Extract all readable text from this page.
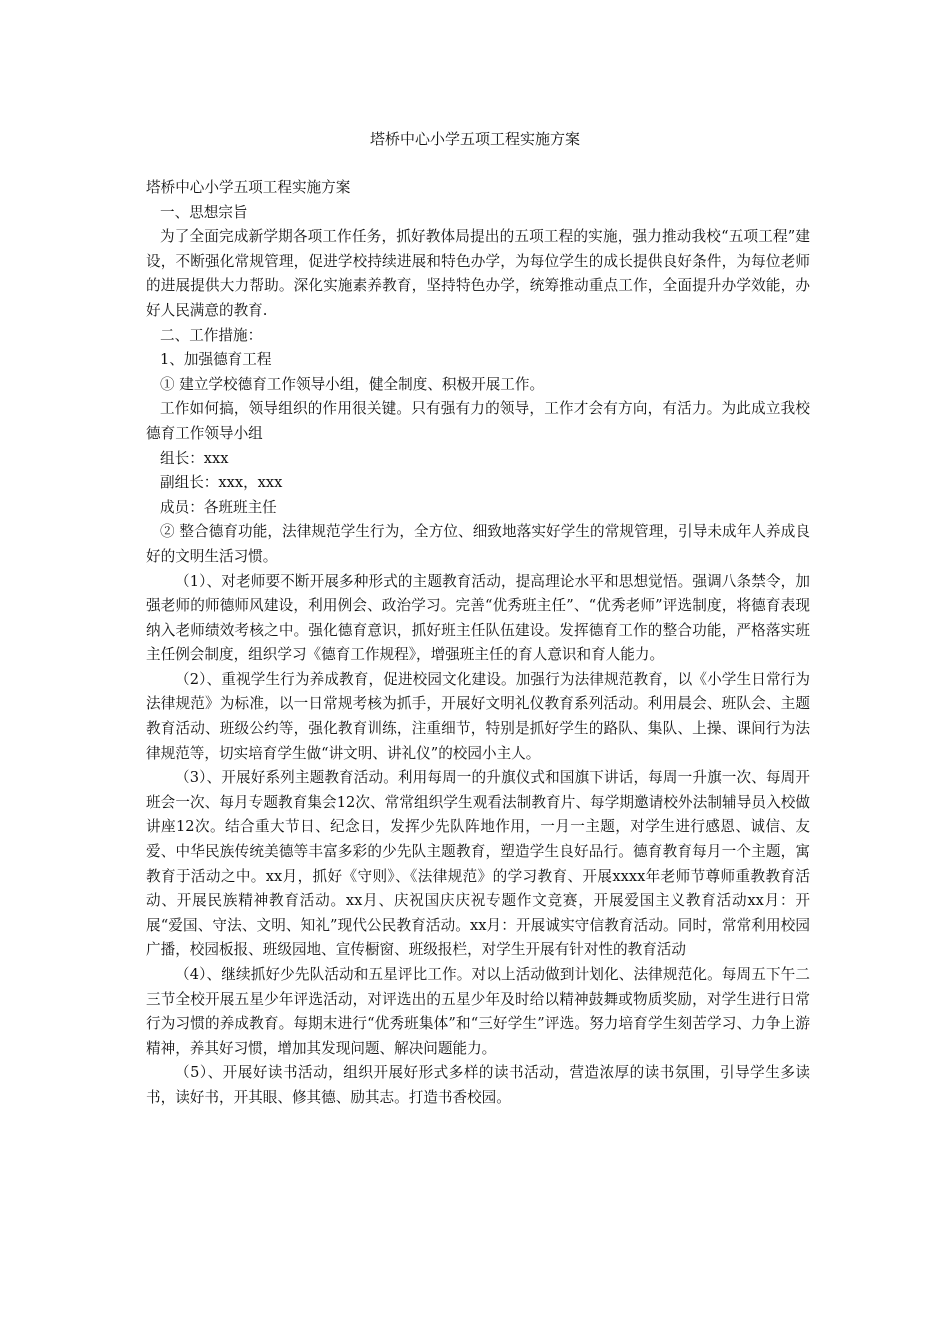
塔桥中心小学五项工程实施方案

塔桥中心小学五项工程实施方案

一、思想宗旨

为了全面完成新学期各项工作任务，抓好教体局提出的五项工程的实施，强力推动我校“五项工程”建设，不断强化常规管理，促进学校持续进展和特色办学，为每位学生的成长提供良好条件，为每位老师的进展提供大力帮助。深化实施素养教育，坚持特色办学，统筹推动重点工作，全面提升办学效能，办好人民满意的教育.

二、工作措施：

1、加强德育工程

① 建立学校德育工作领导小组，健全制度、积极开展工作。

工作如何搞，领导组织的作用很关键。只有强有力的领导，工作才会有方向，有活力。为此成立我校德育工作领导小组

组长：xxx

副组长：xxx，xxx

成员：各班班主任

② 整合德育功能，法律规范学生行为，全方位、细致地落实好学生的常规管理，引导未成年人养成良好的文明生活习惯。

（1）、对老师要不断开展多种形式的主题教育活动，提高理论水平和思想觉悟。强调八条禁令，加强老师的师德师风建设，利用例会、政治学习。完善“优秀班主任”、“优秀老师”评选制度，将德育表现纳入老师绩效考核之中。强化德育意识，抓好班主任队伍建设。发挥德育工作的整合功能，严格落实班主任例会制度，组织学习《德育工作规程》，增强班主任的育人意识和育人能力。

（2）、重视学生行为养成教育，促进校园文化建设。加强行为法律规范教育，以《小学生日常行为法律规范》为标准，以一日常规考核为抓手，开展好文明礼仪教育系列活动。利用晨会、班队会、主题教育活动、班级公约等，强化教育训练，注重细节，特别是抓好学生的路队、集队、上操、课间行为法律规范等，切实培育学生做“讲文明、讲礼仪”的校园小主人。

（3）、开展好系列主题教育活动。利用每周一的升旗仪式和国旗下讲话，每周一升旗一次、每周开班会一次、每月专题教育集会12次、常常组织学生观看法制教育片、每学期邀请校外法制辅导员入校做讲座12次。结合重大节日、纪念日，发挥少先队阵地作用，一月一主题，对学生进行感恩、诚信、友爱、中华民族传统美德等丰富多彩的少先队主题教育，塑造学生良好品行。德育教育每月一个主题，寓教育于活动之中。xx月，抓好《守则》、《法律规范》的学习教育、开展xxxx年老师节尊师重教教育活动、开展民族精神教育活动。xx月、庆祝国庆庆祝专题作文竞赛，开展爱国主义教育活动xx月：开展“爱国、守法、文明、知礼”现代公民教育活动。xx月：开展诚实守信教育活动。同时，常常利用校园广播，校园板报、班级园地、宣传橱窗、班级报栏，对学生开展有针对性的教育活动

（4）、继续抓好少先队活动和五星评比工作。对以上活动做到计划化、法律规范化。每周五下午二三节全校开展五星少年评选活动，对评选出的五星少年及时给以精神鼓舞或物质奖励，对学生进行日常行为习惯的养成教育。每期末进行“优秀班集体”和“三好学生”评选。努力培育学生刻苦学习、力争上游精神，养其好习惯，增加其发现问题、解决问题能力。

（5）、开展好读书活动，组织开展好形式多样的读书活动，营造浓厚的读书氛围，引导学生多读书，读好书，开其眼、修其德、励其志。打造书香校园。
